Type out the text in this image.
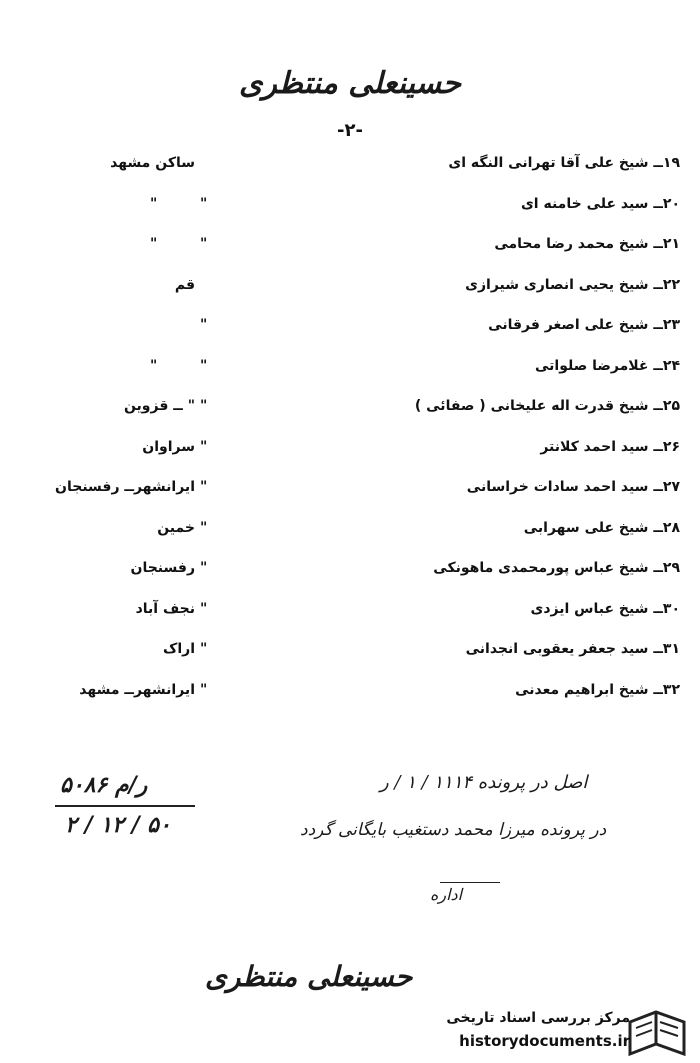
حسینعلی منتظری
-۲-
۱۹ــ شیخ علی آقا تهرانی النگه ای
ساکن مشهد
۲۰ــ سید علی خامنه ای
"
"
۲۱ــ شیخ محمد رضا محامی
"
"
۲۲ــ شیخ یحیی انصاری شیرازی
قم
۲۳ــ شیخ علی اصغر فرقانی
"
۲۴ــ غلامرضا صلواتی
"
"
۲۵ــ شیخ قدرت اله علیخانی ( صفائی )
"
" ــ قزوین
۲۶ــ سید احمد کلانتر
"
سراوان
۲۷ــ سید احمد سادات خراسانی
"
ایرانشهرــ رفسنجان
۲۸ــ شیخ علی سهرابی
"
خمین
۲۹ــ شیخ عباس پورمحمدی ماهونکی
"
رفسنجان
۳۰ــ شیخ عباس ایزدی
"
نجف آباد
۳۱ــ سید جعفر یعقوبی انجدانی
"
اراک
۳۲ــ شیخ ابراهیم معدنی
"
ایرانشهرــ مشهد
۵۰۸۶ ر/م
۲ / ۱۲ / ۵۰
اصل در پرونده ۱۱۱۴ / ۱ / ر
در پرونده میرزا محمد دستغیب بایگانی گردد
اداره
حسینعلی منتظری
مرکز بررسی اسناد تاریخی
historydocuments.ir
